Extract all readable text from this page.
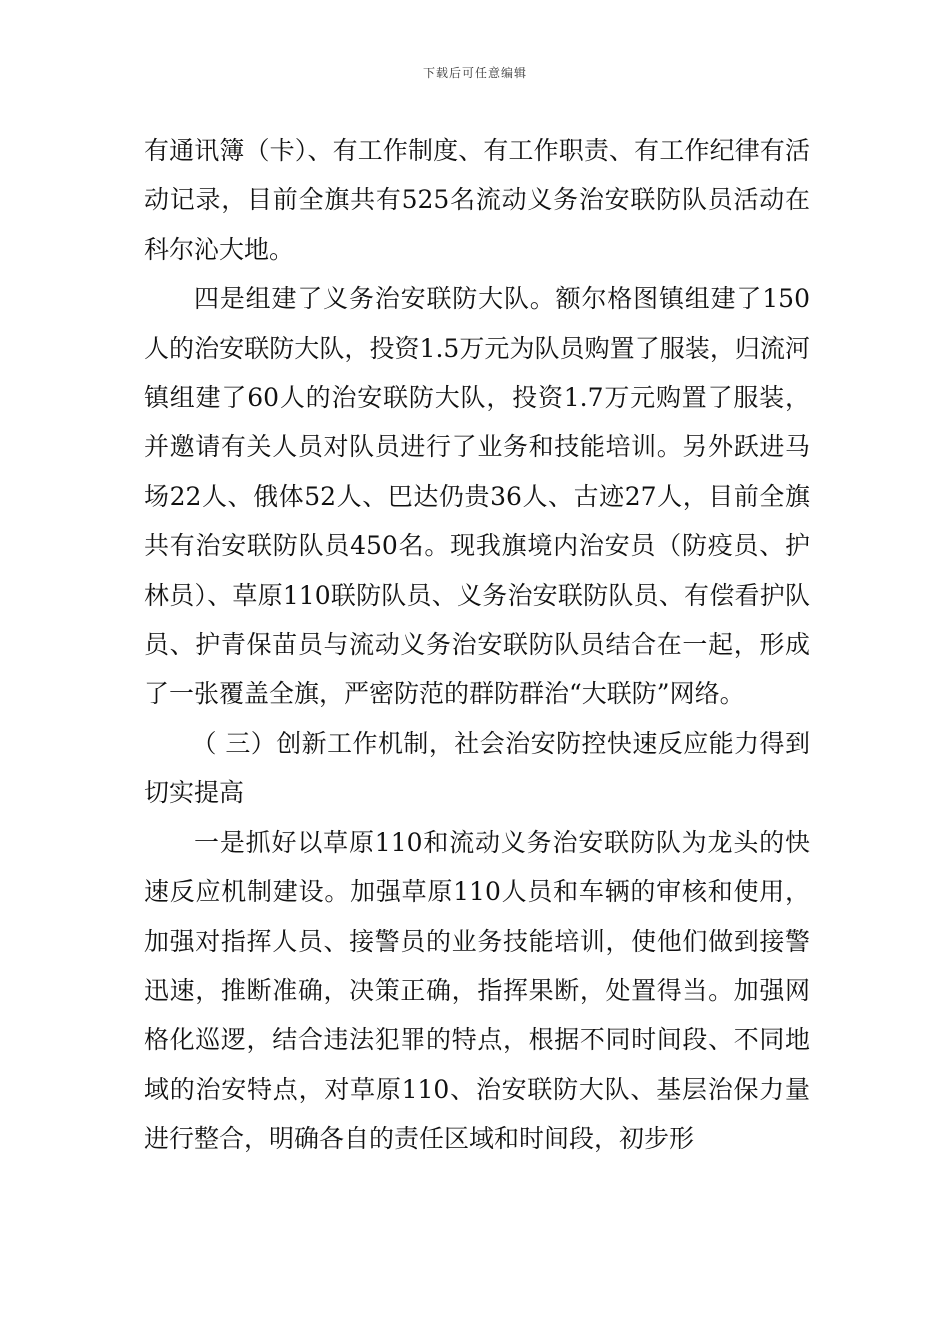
下载后可任意编辑

有通讯簿（卡）、有工作制度、有工作职责、有工作纪律有活动记录，目前全旗共有525名流动义务治安联防队员活动在科尔沁大地。

四是组建了义务治安联防大队。额尔格图镇组建了150人的治安联防大队，投资1.5万元为队员购置了服装，归流河镇组建了60人的治安联防大队，投资1.7万元购置了服装，并邀请有关人员对队员进行了业务和技能培训。另外跃进马场22人、俄体52人、巴达仍贵36人、古迹27人，目前全旗共有治安联防队员450名。现我旗境内治安员（防疫员、护林员）、草原110联防队员、义务治安联防队员、有偿看护队员、护青保苗员与流动义务治安联防队员结合在一起，形成了一张覆盖全旗，严密防范的群防群治“大联防”网络。

（ 三）创新工作机制，社会治安防控快速反应能力得到切实提高

一是抓好以草原110和流动义务治安联防队为龙头的快速反应机制建设。加强草原110人员和车辆的审核和使用，加强对指挥人员、接警员的业务技能培训，使他们做到接警迅速，推断准确，决策正确，指挥果断，处置得当。加强网格化巡逻，结合违法犯罪的特点，根据不同时间段、不同地域的治安特点，对草原110、治安联防大队、基层治保力量进行整合，明确各自的责任区域和时间段，初步形
